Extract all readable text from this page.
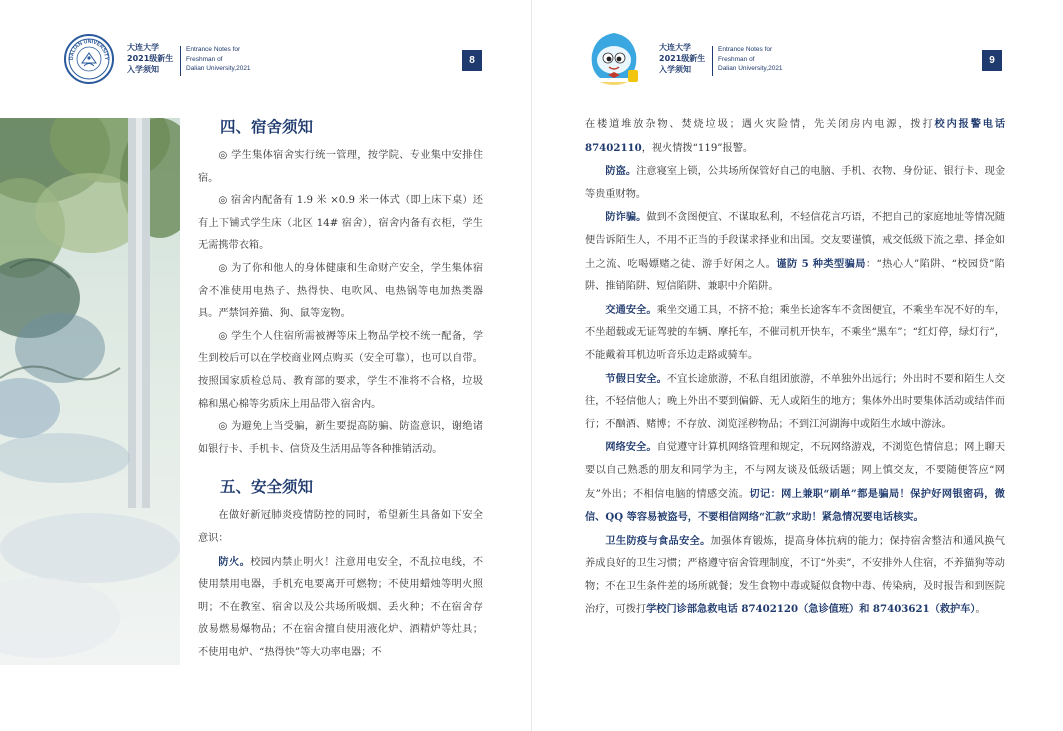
DALIAN UNIVERSITY
大连大学
2021级新生
入学须知
Entrance Notes for
Freshman of
Dalian University,2021
8
四、宿舍须知

◎ 学生集体宿舍实行统一管理，按学院、专业集中安排住宿。

◎ 宿舍内配备有 1.9 米 ×0.9 米一体式（即上床下桌）还有上下铺式学生床（北区 14# 宿舍），宿舍内备有衣柜，学生无需携带衣箱。

◎ 为了你和他人的身体健康和生命财产安全，学生集体宿舍不准使用电热子、热得快、电吹风、电热锅等电加热类器具。严禁饲养猫、狗、鼠等宠物。

◎ 学生个人住宿所需被褥等床上物品学校不统一配备，学生到校后可以在学校商业网点购买（安全可靠），也可以自带。按照国家质检总局、教育部的要求，学生不准将不合格，垃圾棉和黑心棉等劣质床上用品带入宿舍内。

◎ 为避免上当受骗，新生要提高防骗、防盗意识，谢绝诸如银行卡、手机卡、信贷及生活用品等各种推销活动。

五、安全须知

在做好新冠肺炎疫情防控的同时，希望新生具备如下安全意识：

防火。校园内禁止明火！注意用电安全，不乱拉电线，不使用禁用电器，手机充电要离开可燃物；不使用蜡烛等明火照明；不在教室、宿舍以及公共场所吸烟、丢火种；不在宿舍存放易燃易爆物品；不在宿舍擅自使用液化炉、酒精炉等灶具；不使用电炉、“热得快”等大功率电器；不

大连大学
2021级新生
入学须知
Entrance Notes for
Freshman of
Dalian University,2021
9

在楼道堆放杂物、焚烧垃圾；遇火灾险情，先关闭房内电源，拨打校内报警电话 87402110，视火情拨“119”报警。

防盗。注意寝室上锁，公共场所保管好自己的电脑、手机、衣物、身份证、银行卡、现金等贵重财物。

防诈骗。做到不贪图便宜、不谋取私利，不轻信花言巧语，不把自己的家庭地址等情况随便告诉陌生人，不用不正当的手段谋求择业和出国。交友要谨慎，戒交低级下流之辈、择金如土之流、吃喝嫖赌之徒、游手好闲之人。谨防 5 种类型骗局：“热心人”陷阱、“校园贷”陷阱、推销陷阱、短信陷阱、兼职中介陷阱。

交通安全。乘坐交通工具，不挤不抢；乘坐长途客车不贪图便宜，不乘坐车况不好的车，不坐超载或无证驾驶的车辆、摩托车，不催司机开快车，不乘坐“黑车”；“红灯停，绿灯行”，不能戴着耳机边听音乐边走路或骑车。

节假日安全。不宜长途旅游，不私自组团旅游，不单独外出远行；外出时不要和陌生人交往，不轻信他人；晚上外出不要到偏僻、无人或陌生的地方；集体外出时要集体活动或结伴而行；不酗酒、赌博；不存放、浏览淫秽物品；不到江河湖海中或陌生水域中游泳。

网络安全。自觉遵守计算机网络管理和规定，不玩网络游戏，不浏览色情信息；网上聊天要以自己熟悉的朋友和同学为主，不与网友谈及低级话题；网上慎交友，不要随便答应“网友”外出；不相信电脑的情感交流。切记：网上兼职“刷单”都是骗局！保护好网银密码，微信、QQ 等容易被盗号，不要相信网络“汇款”求助！紧急情况要电话核实。

卫生防疫与食品安全。加强体育锻炼，提高身体抗病的能力；保持宿舍整洁和通风换气 养成良好的卫生习惯；严格遵守宿舍管理制度，不订“外卖”，不安排外人住宿，不养猫狗等动物；不在卫生条件差的场所就餐；发生食物中毒或疑似食物中毒、传染病，及时报告和到医院治疗，可拨打学校门诊部急救电话 87402120（急诊值班）和 87403621（救护车）。
